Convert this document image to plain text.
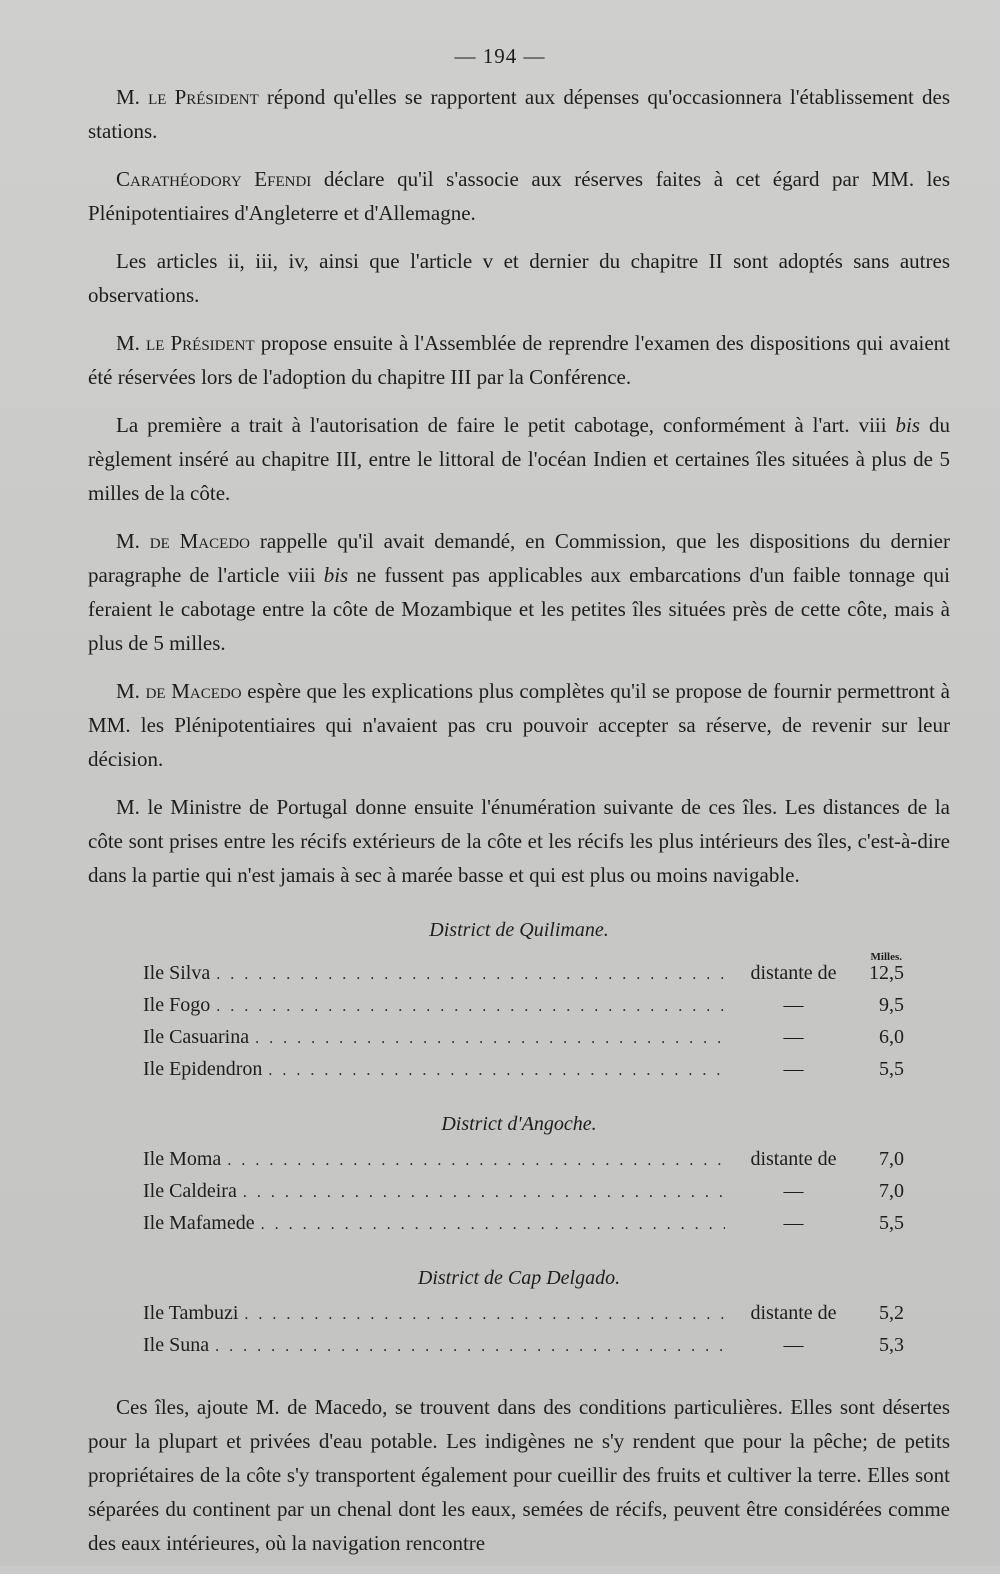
— 194 —

M. le Président répond qu'elles se rapportent aux dépenses qu'occasionnera l'établissement des stations.

Carathéodory Efendi déclare qu'il s'associe aux réserves faites à cet égard par MM. les Plénipotentiaires d'Angleterre et d'Allemagne.

Les articles ii, iii, iv, ainsi que l'article v et dernier du chapitre II sont adoptés sans autres observations.

M. le Président propose ensuite à l'Assemblée de reprendre l'examen des dispositions qui avaient été réservées lors de l'adoption du chapitre III par la Conférence.

La première a trait à l'autorisation de faire le petit cabotage, conformément à l'art. viii bis du règlement inséré au chapitre III, entre le littoral de l'océan Indien et certaines îles situées à plus de 5 milles de la côte.

M. de Macedo rappelle qu'il avait demandé, en Commission, que les dispositions du dernier paragraphe de l'article viii bis ne fussent pas applicables aux embarcations d'un faible tonnage qui feraient le cabotage entre la côte de Mozambique et les petites îles situées près de cette côte, mais à plus de 5 milles.

M. de Macedo espère que les explications plus complètes qu'il se propose de fournir permettront à MM. les Plénipotentiaires qui n'avaient pas cru pouvoir accepter sa réserve, de revenir sur leur décision.

M. le Ministre de Portugal donne ensuite l'énumération suivante de ces îles. Les distances de la côte sont prises entre les récifs extérieurs de la côte et les récifs les plus intérieurs des îles, c'est-à-dire dans la partie qui n'est jamais à sec à marée basse et qui est plus ou moins navigable.

District de Quilimane.
Milles.
Ile Silva . . .	distante de	12,5
Ile Fogo . . .	—	9,5
Ile Casuarina . . .	—	6,0
Ile Epidendron . . .	—	5,5
District d'Angoche.
Ile Moma . . .	distante de	7,0
Ile Caldeira . . .	—	7,0
Ile Mafamede . . .	—	5,5
District de Cap Delgado.
Ile Tambuzi . . .	distante de	5,2
Ile Suna . . .	—	5,3

Ces îles, ajoute M. de Macedo, se trouvent dans des conditions particulières. Elles sont désertes pour la plupart et privées d'eau potable. Les indigènes ne s'y rendent que pour la pêche; de petits propriétaires de la côte s'y transportent également pour cueillir des fruits et cultiver la terre. Elles sont séparées du continent par un chenal dont les eaux, semées de récifs, peuvent être considérées comme des eaux intérieures, où la navigation rencontre
